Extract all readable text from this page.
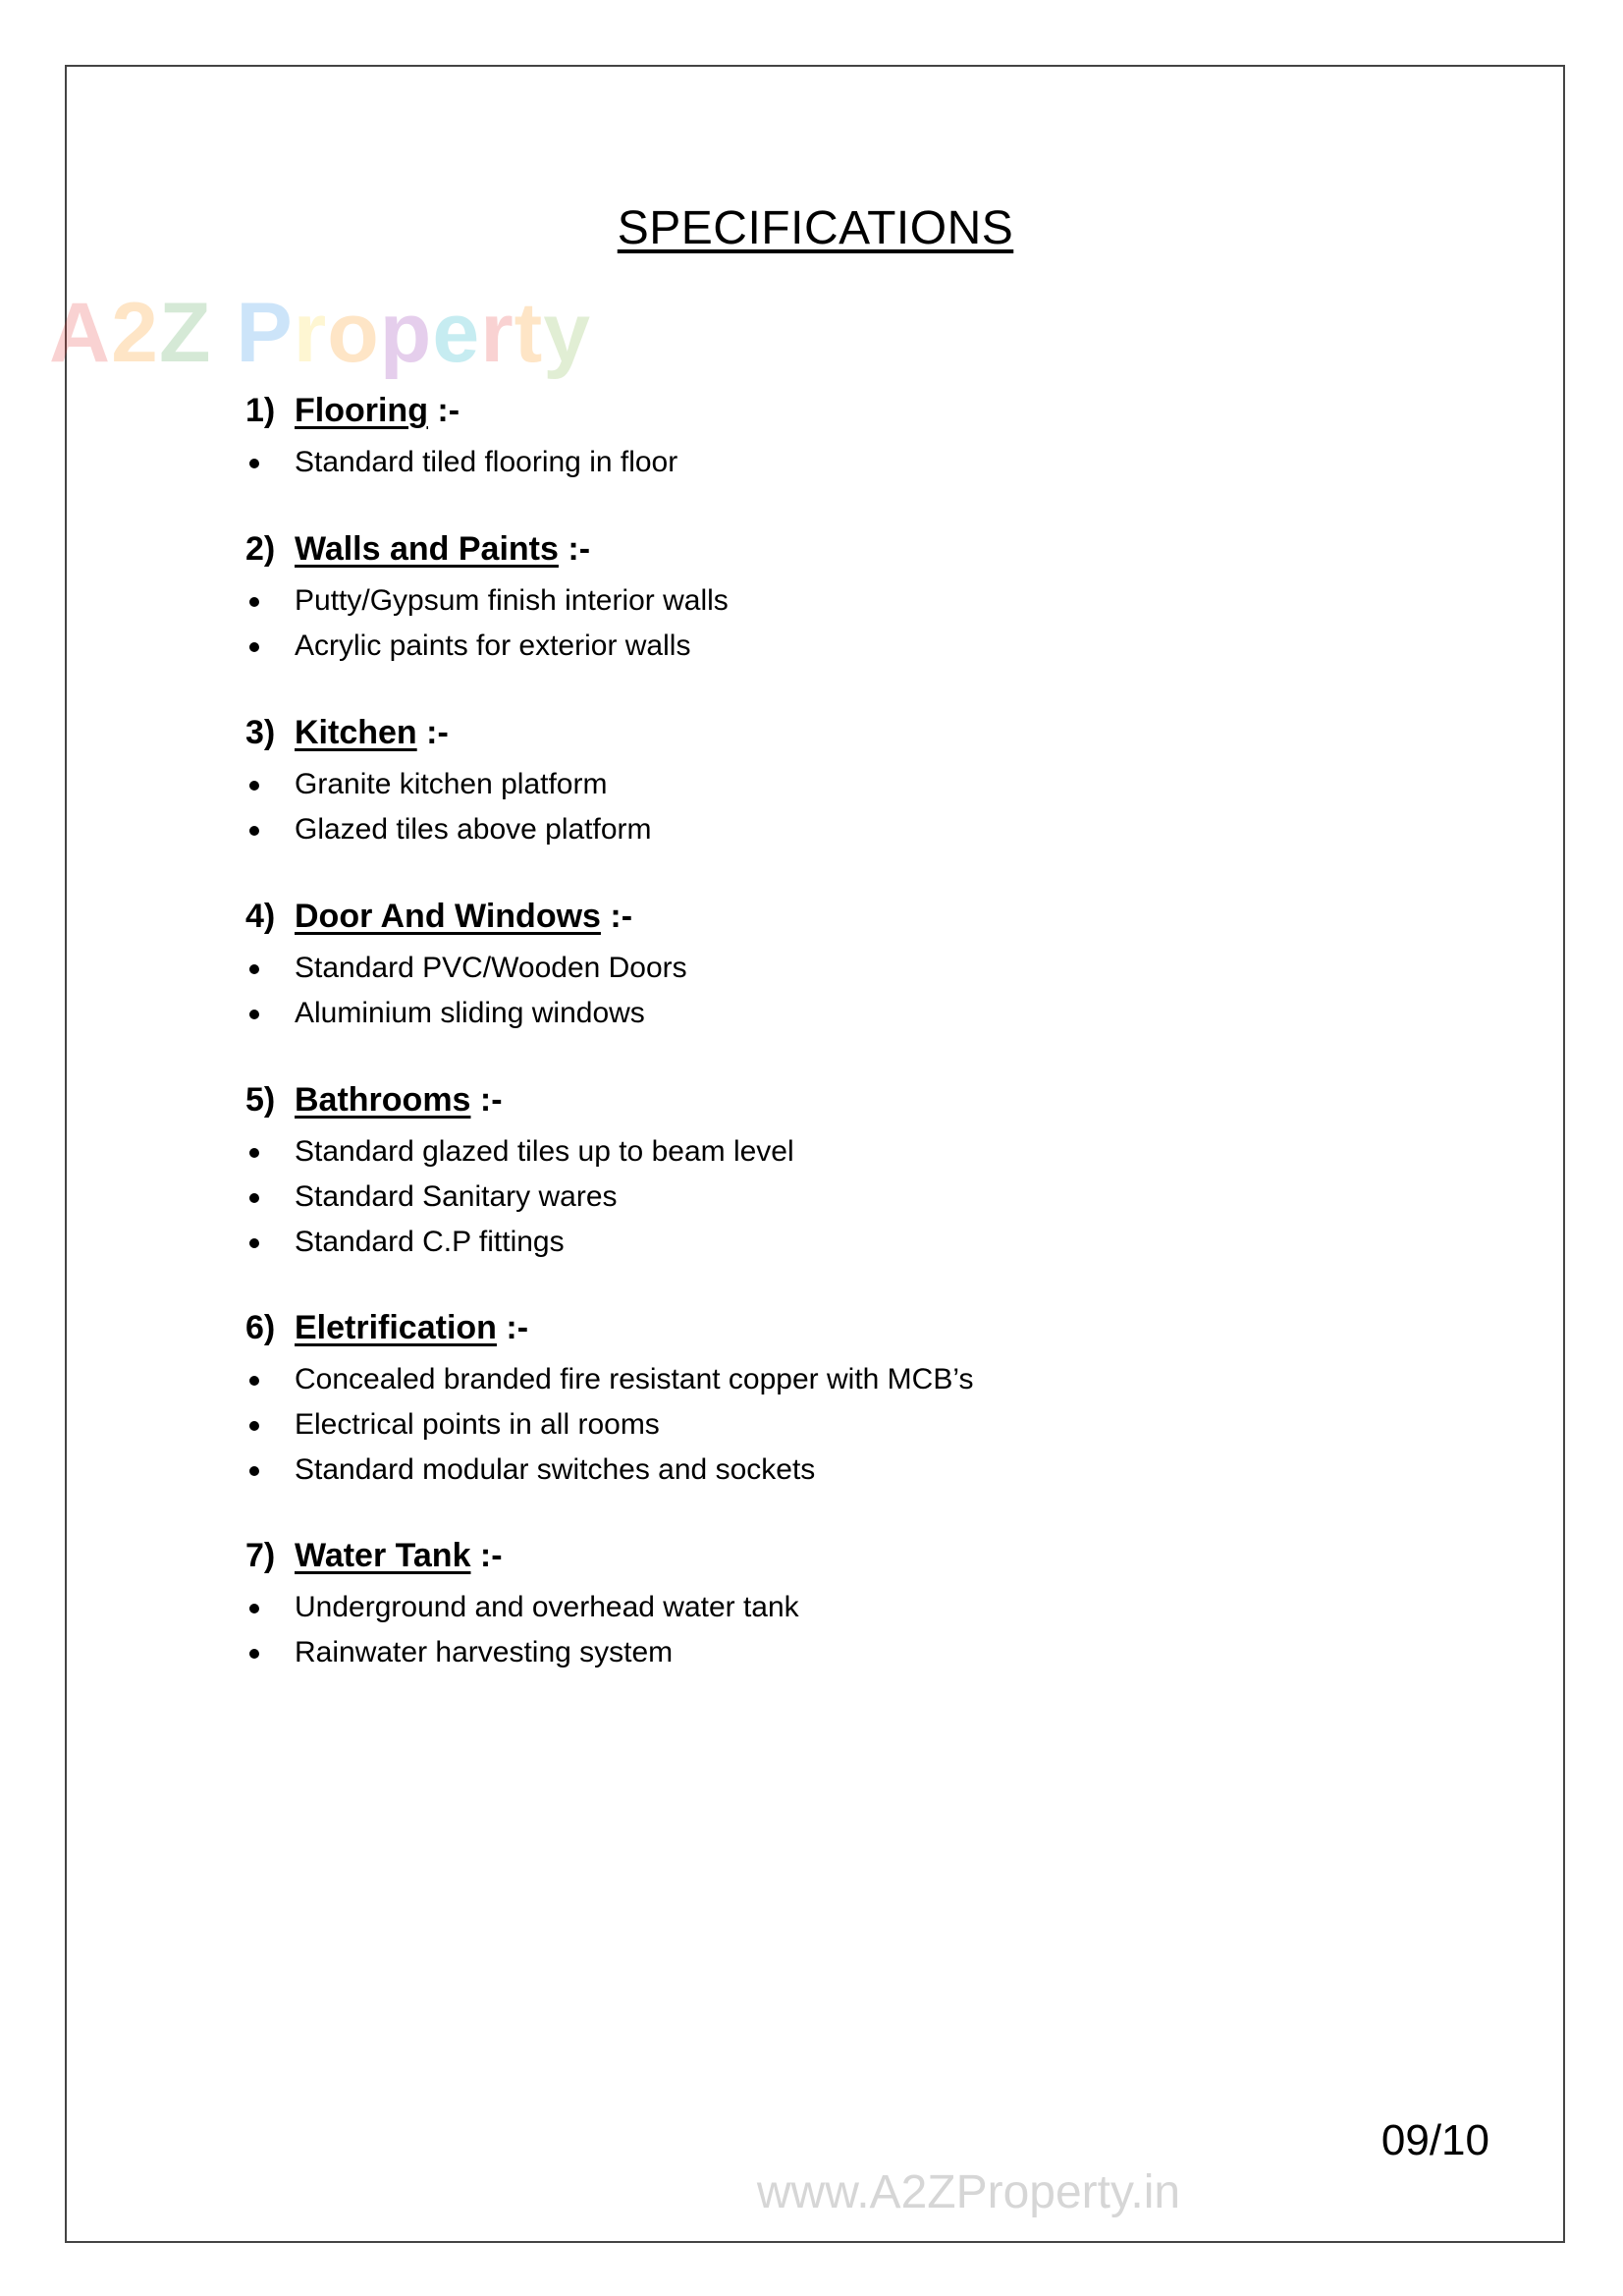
A2Z Property
SPECIFICATIONS
1) Flooring :-
Standard tiled flooring in floor
2) Walls and Paints :-
Putty/Gypsum finish interior walls
Acrylic paints for exterior walls
3) Kitchen :-
Granite kitchen platform
Glazed tiles above platform
4) Door And Windows :-
Standard PVC/Wooden Doors
Aluminium sliding windows
5) Bathrooms :-
Standard glazed tiles up to beam level
Standard Sanitary wares
Standard C.P fittings
6) Eletrification :-
Concealed branded fire resistant copper with MCB’s
Electrical points in all rooms
Standard modular switches and sockets
7) Water Tank :-
Underground and overhead water tank
Rainwater harvesting system
09/10
www.A2ZProperty.in
